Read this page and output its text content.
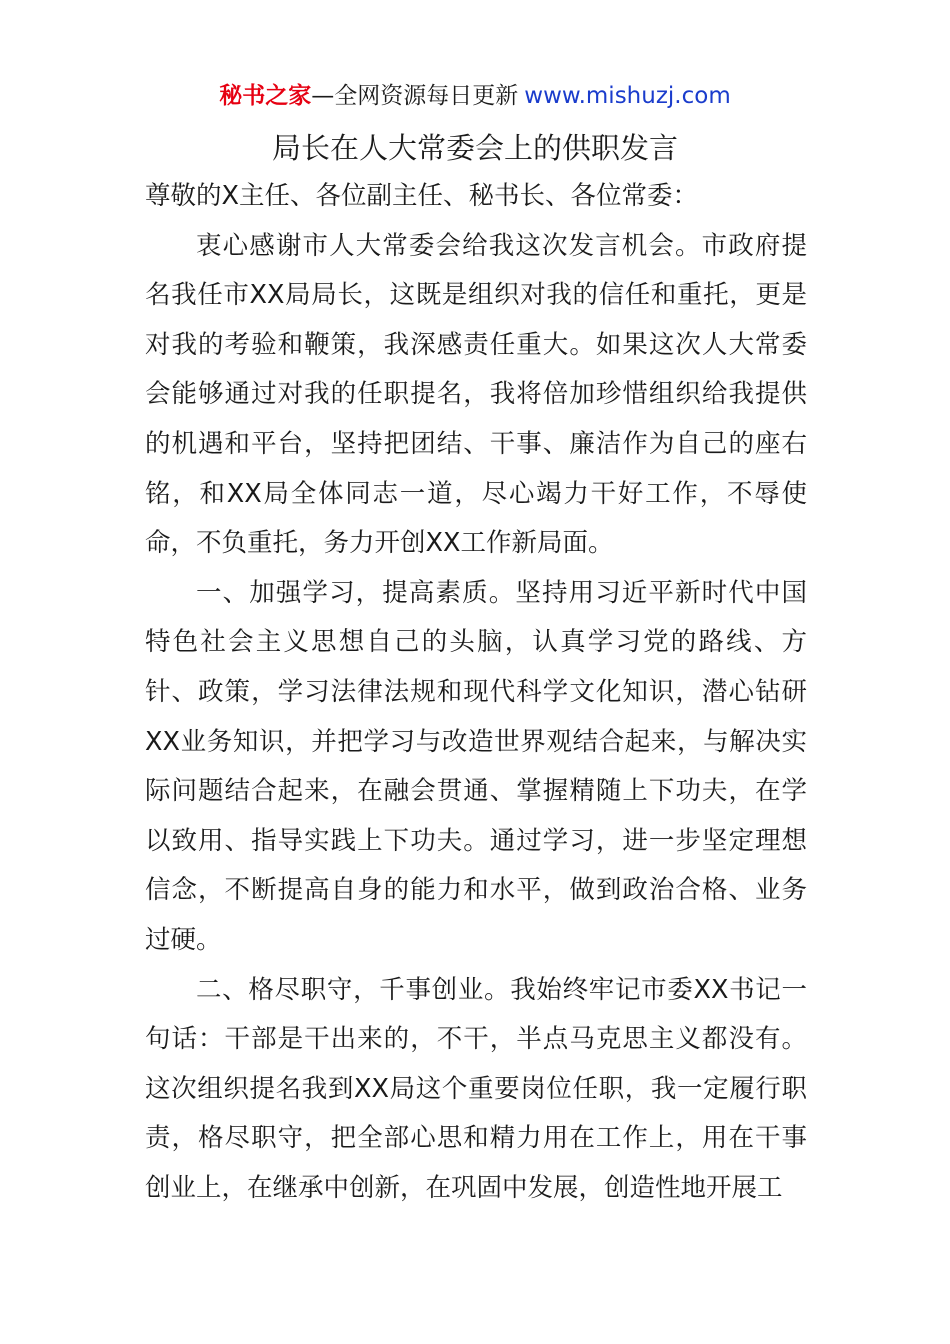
秘书之家—全网资源每日更新 www.mishuzj.com
局长在人大常委会上的供职发言

尊敬的X主任、各位副主任、秘书长、各位常委：

衷心感谢市人大常委会给我这次发言机会。市政府提名我任市XX局局长，这既是组织对我的信任和重托，更是对我的考验和鞭策，我深感责任重大。如果这次人大常委会能够通过对我的任职提名，我将倍加珍惜组织给我提供的机遇和平台，坚持把团结、干事、廉洁作为自己的座右铭，和XX局全体同志一道，尽心竭力干好工作，不辱使命，不负重托，务力开创XX工作新局面。

一、加强学习，提高素质。坚持用习近平新时代中国特色社会主义思想自己的头脑，认真学习党的路线、方针、政策，学习法律法规和现代科学文化知识，潜心钻研XX业务知识，并把学习与改造世界观结合起来，与解决实际问题结合起来，在融会贯通、掌握精随上下功夫，在学以致用、指导实践上下功夫。通过学习，进一步坚定理想信念，不断提高自身的能力和水平，做到政治合格、业务过硬。

二、格尽职守，千事创业。我始终牢记市委XX书记一句话：干部是干出来的，不干，半点马克思主义都没有。这次组织提名我到XX局这个重要岗位任职，我一定履行职责，格尽职守，把全部心思和精力用在工作上，用在干事创业上，在继承中创新，在巩固中发展，创造性地开展工
